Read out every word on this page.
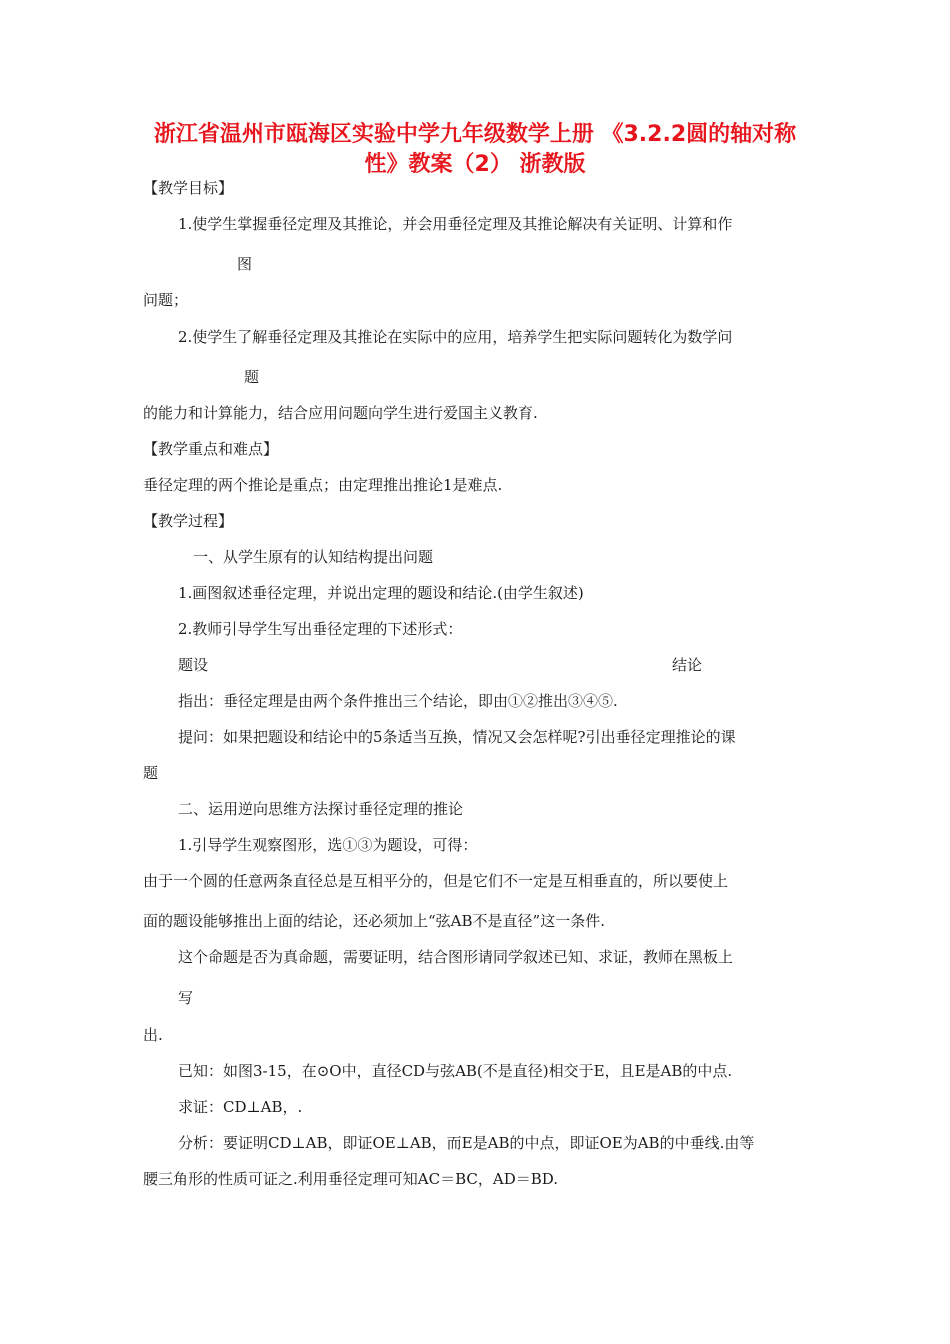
浙江省温州市瓯海区实验中学九年级数学上册 《3.2.2圆的轴对称
性》教案（2） 浙教版
【教学目标】
1.使学生掌握垂径定理及其推论，并会用垂径定理及其推论解决有关证明、计算和作
图
问题；
2.使学生了解垂径定理及其推论在实际中的应用，培养学生把实际问题转化为数学问
题
的能力和计算能力，结合应用问题向学生进行爱国主义教育.
【教学重点和难点】
垂径定理的两个推论是重点；由定理推出推论1是难点.
【教学过程】
一、从学生原有的认知结构提出问题
1.画图叙述垂径定理，并说出定理的题设和结论.(由学生叙述)
2.教师引导学生写出垂径定理的下述形式：
题设	结论
指出：垂径定理是由两个条件推出三个结论，即由①②推出③④⑤.
提问：如果把题设和结论中的5条适当互换，情况又会怎样呢?引出垂径定理推论的课
题
二、运用逆向思维方法探讨垂径定理的推论
1.引导学生观察图形，选①③为题设，可得：
由于一个圆的任意两条直径总是互相平分的，但是它们不一定是互相垂直的，所以要使上
面的题设能够推出上面的结论，还必须加上“弦AB不是直径”这一条件.
这个命题是否为真命题，需要证明，结合图形请同学叙述已知、求证，教师在黑板上
写
出.
已知：如图3-15，在⊙O中，直径CD与弦AB(不是直径)相交于E，且E是AB的中点.
求证：CD⊥AB，.
分析：要证明CD⊥AB，即证OE⊥AB，而E是AB的中点，即证OE为AB的中垂线.由等
腰三角形的性质可证之.利用垂径定理可知AC＝BC，AD＝BD.
